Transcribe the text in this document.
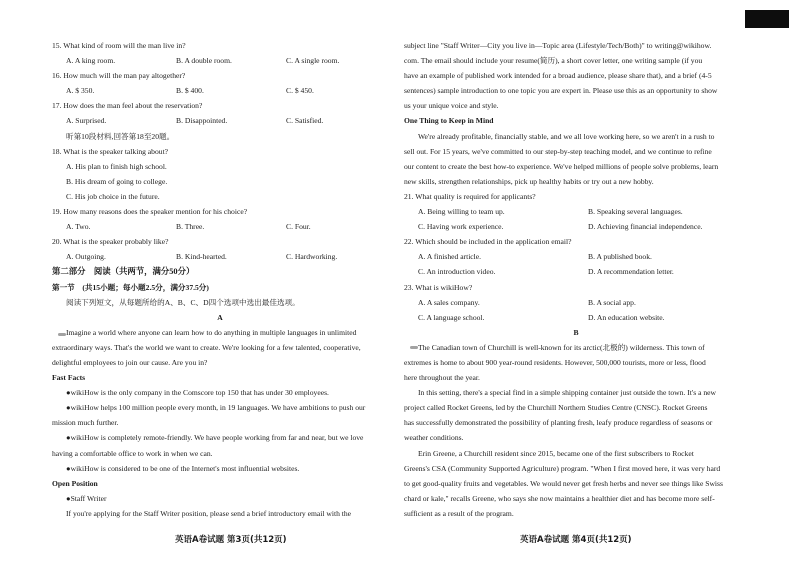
15. What kind of room will the man live in?
A. A king room.	B. A double room.	C. A single room.
16. How much will the man pay altogether?
A. $ 350.	B. $ 400.	C. $ 450.
17. How does the man feel about the reservation?
A. Surprised.	B. Disappointed.	C. Satisfied.
听第10段材料,回答第18至20题。
18. What is the speaker talking about?
A. His plan to finish high school.
B. His dream of going to college.
C. His job choice in the future.
19. How many reasons does the speaker mention for his choice?
A. Two.	B. Three.	C. Four.
20. What is the speaker probably like?
A. Outgoing.	B. Kind-hearted.	C. Hardworking.
第二部分　阅读（共两节，满分50分）
第一节　(共15小题；每小题2.5分，满分37.5分)
阅读下列短文，从每题所给的A、B、C、D四个选项中选出最佳选项。
A
Imagine a world where anyone can learn how to do anything in multiple languages in unlimited
extraordinary ways. That's the world we want to create. We're looking for a few talented, cooperative,
delightful employees to join our cause. Are you in?
Fast Facts
●wikiHow is the only company in the Comscore top 150 that has under 30 employees.
●wikiHow helps 100 million people every month, in 19 languages. We have ambitions to push our
mission much further.
●wikiHow is completely remote-friendly. We have people working from far and near, but we love
having a comfortable office to work in when we can.
●wikiHow is considered to be one of the Internet's most influential websites.
Open Position
●Staff Writer
If you're applying for the Staff Writer position, please send a brief introductory email with the
subject line "Staff Writer—City you live in—Topic area (Lifestyle/Tech/Both)" to writing@wikihow.
com. The email should include your resume(简历), a short cover letter, one writing sample (if you
have an example of published work intended for a broad audience, please share that), and a brief (4-5
sentences) sample introduction to one topic you are expert in. Please use this as an opportunity to show
us your unique voice and style.
One Thing to Keep in Mind
We're already profitable, financially stable, and we all love working here, so we aren't in a rush to
sell out. For 15 years, we've committed to our step-by-step teaching model, and we continue to refine
our content to create the best how-to experience. We've helped millions of people solve problems, learn
new skills, strengthen relationships, pick up healthy habits or try out a new hobby.
21. What quality is required for applicants?
A. Being willing to team up.	B. Speaking several languages.
C. Having work experience.	D. Achieving financial independence.
22. Which should be included in the application email?
A. A finished article.	B. A published book.
C. An introduction video.	D. A recommendation letter.
23. What is wikiHow?
A. A sales company.	B. A social app.
C. A language school.	D. An education website.
B
The Canadian town of Churchill is well-known for its arctic(北极的) wilderness. This town of
extremes is home to about 900 year-round residents. However, 500,000 tourists, more or less, flood
here throughout the year.
In this setting, there's a special find in a simple shipping container just outside the town. It's a new
project called Rocket Greens, led by the Churchill Northern Studies Centre (CNSC). Rocket Greens
has successfully demonstrated the possibility of planting fresh, leafy produce regardless of seasons or
weather conditions.
Erin Greene, a Churchill resident since 2015, became one of the first subscribers to Rocket
Greens's CSA (Community Supported Agriculture) program. "When I first moved here, it was very hard
to get good-quality fruits and vegetables. We would never get fresh herbs and never see things like Swiss
chard or kale," recalls Greene, who says she now maintains a healthier diet and has become more self-
sufficient as a result of the program.
英语A卷试题 第3页(共12页)	英语A卷试题 第4页(共12页)
